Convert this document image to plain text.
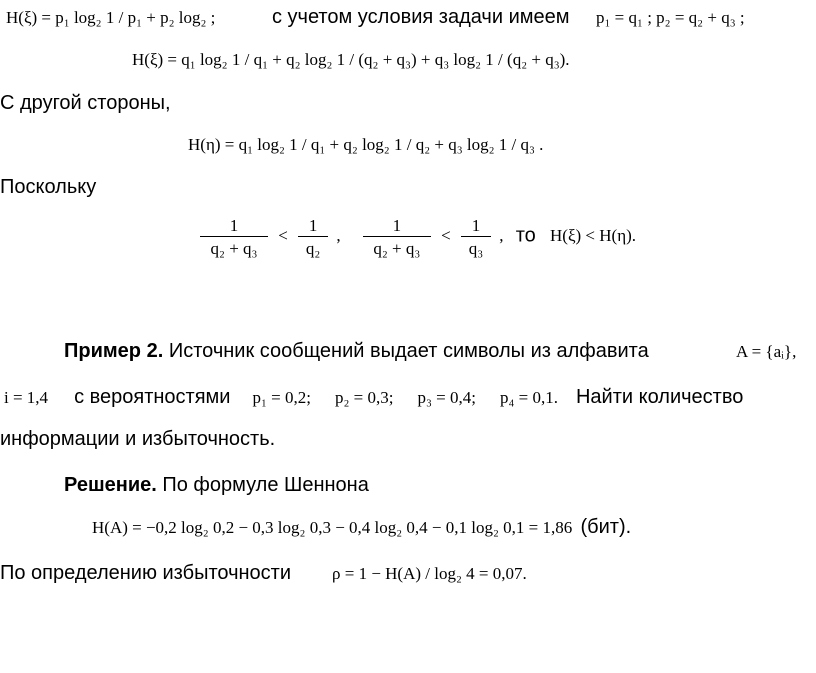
H(ξ) = p₁ log₂ 1 / p₁ + p₂ log₂ ;	с учетом условия задачи имеем p₁ = q₁ ; p₂ = q₂ + q₃ ;
H(ξ) = q₁ log₂ 1 / q₁ + q₂ log₂ 1 / (q₂ + q₃) + q₃ log₂ 1 / (q₂ + q₃).
С другой стороны,
H(η) = q₁ log₂ 1 / q₁ + q₂ log₂ 1 / q₂ + q₃ log₂ 1 / q₃ .
Поскольку
$\frac{1}{\text{q₂ + q₃}} < \frac{1}{\text{q₂}}$ , $\frac{1}{\text{q₂ + q₃}} < \frac{1}{\text{q₃}}$ , то H(ξ) < H(η).
Пример 2. Источник сообщений выдает символы из алфавита	A = {aᵢ},
i = 1,4 с вероятностями p₁ = 0,2; p₂ = 0,3; p₃ = 0,4; p₄ = 0,1. Найти количество
информации и избыточность.
Решение. По формуле Шеннона
H(A) = −0,2 log₂ 0,2 − 0,3 log₂ 0,3 − 0,4 log₂ 0,4 − 0,1 log₂ 0,1 = 1,86 (бит).
По определению избыточности ρ = 1 − H(A) / log₂ 4 = 0,07.
